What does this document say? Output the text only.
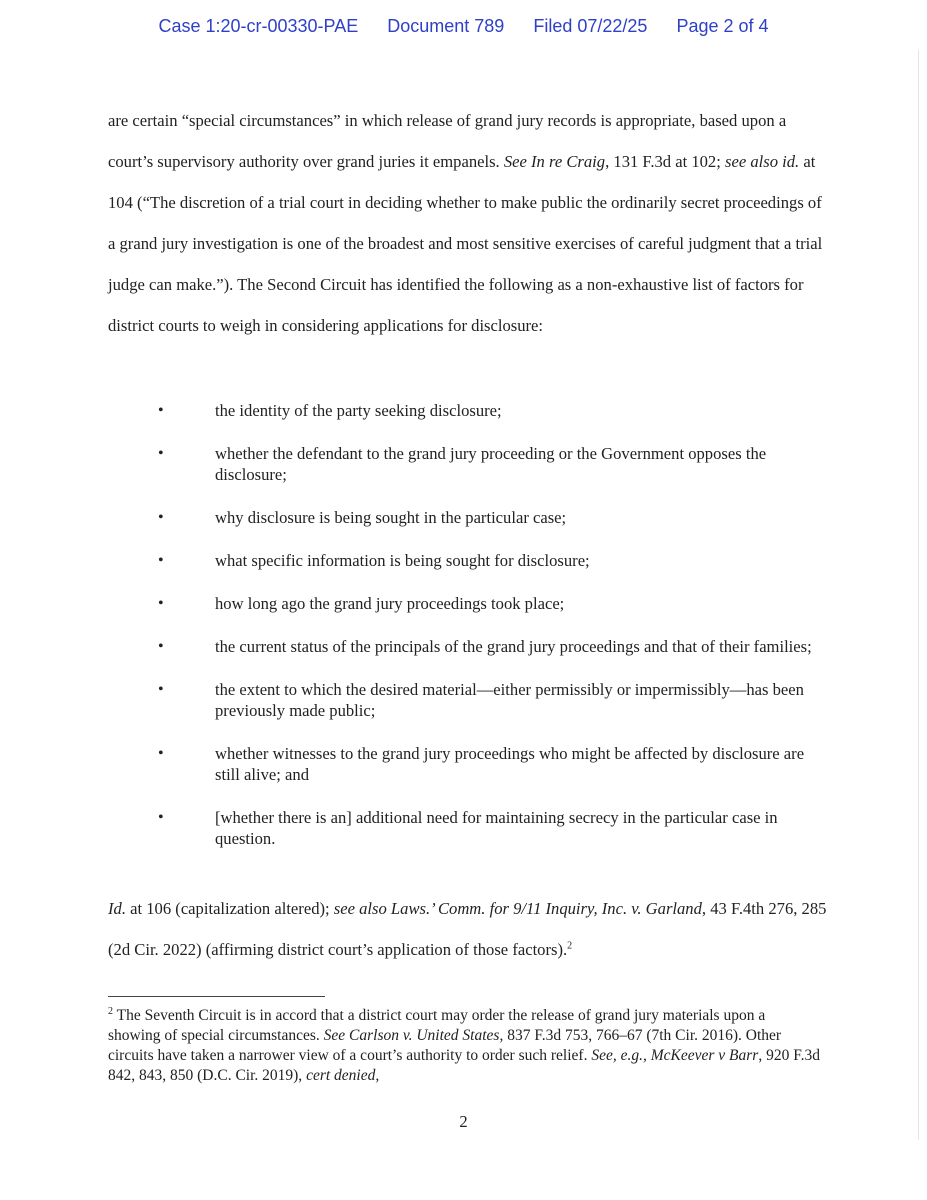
Case 1:20-cr-00330-PAE Document 789 Filed 07/22/25 Page 2 of 4

are certain “special circumstances” in which release of grand jury records is appropriate, based upon a court’s supervisory authority over grand juries it empanels. See In re Craig, 131 F.3d at 102; see also id. at 104 (“The discretion of a trial court in deciding whether to make public the ordinarily secret proceedings of a grand jury investigation is one of the broadest and most sensitive exercises of careful judgment that a trial judge can make.”). The Second Circuit has identified the following as a non-exhaustive list of factors for district courts to weigh in considering applications for disclosure:

•	the identity of the party seeking disclosure;
•	whether the defendant to the grand jury proceeding or the Government opposes the disclosure;
•	why disclosure is being sought in the particular case;
•	what specific information is being sought for disclosure;
•	how long ago the grand jury proceedings took place;
•	the current status of the principals of the grand jury proceedings and that of their families;
•	the extent to which the desired material—either permissibly or impermissibly—has been previously made public;
•	whether witnesses to the grand jury proceedings who might be affected by disclosure are still alive; and
•	[whether there is an] additional need for maintaining secrecy in the particular case in question.

Id. at 106 (capitalization altered); see also Laws.’ Comm. for 9/11 Inquiry, Inc. v. Garland, 43 F.4th 276, 285 (2d Cir. 2022) (affirming district court’s application of those factors).$^2$

$^2$ The Seventh Circuit is in accord that a district court may order the release of grand jury materials upon a showing of special circumstances. See Carlson v. United States, 837 F.3d 753, 766–67 (7th Cir. 2016). Other circuits have taken a narrower view of a court’s authority to order such relief. See, e.g., McKeever v Barr, 920 F.3d 842, 843, 850 (D.C. Cir. 2019), cert denied,

2
